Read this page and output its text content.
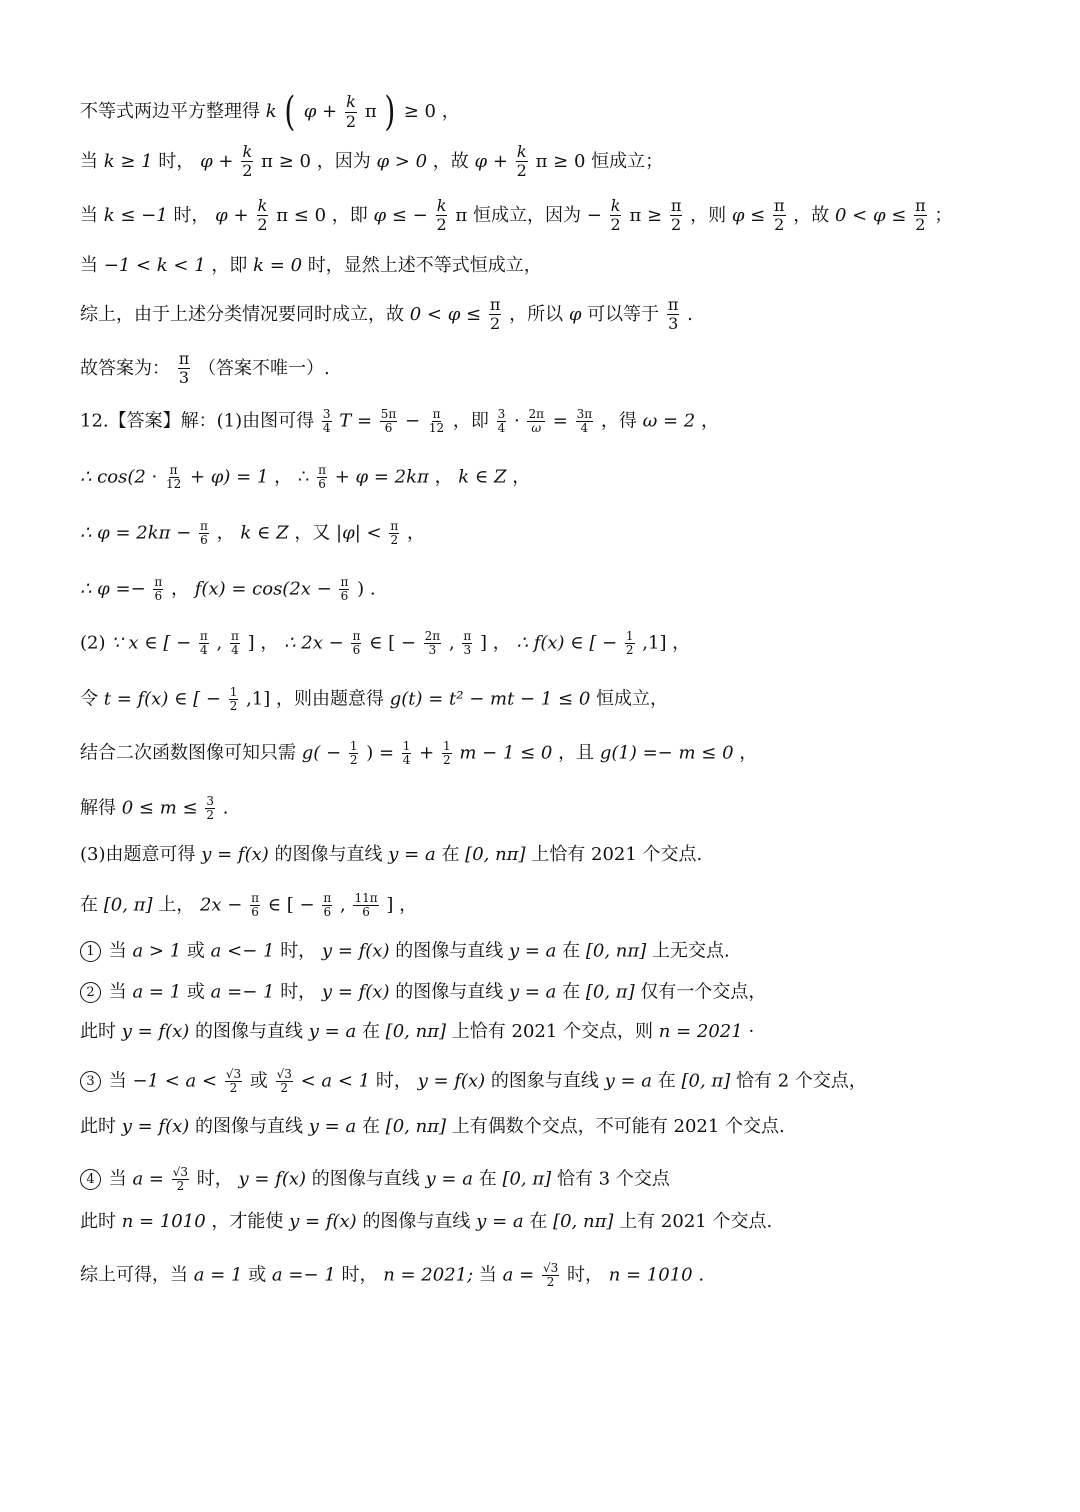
不等式两边平方整理得 k ( $\varphi + \frac{k}{2}$ π ) ≥ 0 ，
当 k ≥ 1 时， $\varphi + \frac{k}{2}$ π ≥ 0 ，因为 φ > 0 ，故 $\varphi + \frac{k}{2}$ π ≥ 0 恒成立；
当 k ≤ −1 时， $\varphi + \frac{k}{2}$ π ≤ 0 ，即 φ ≤ − $\frac{k}{2}$ π 恒成立，因为 − $\frac{k}{2}$ $\pi \ge \frac{\pi}{2}$ ，则 $\varphi \le \frac{\pi}{2}$ ，故 $0 < \varphi \le \frac{\pi}{2}$ ；
当 −1 < k < 1 ，即 k = 0 时，显然上述不等式恒成立，
综上，由于上述分类情况要同时成立，故 $0 < \varphi \le \frac{\pi}{2}$ ，所以 φ 可以等于 $\frac{\pi}{3}$ .
故答案为： $\frac{\pi}{3}$ （答案不唯一）.
12.【答案】解：(1)由图可得 $\frac{3}{4}$ $T = \frac{5\pi}{6} - \frac{\pi}{12}$ ，即 $\frac{3}{4} \cdot \frac{2\pi}{\omega} = \frac{3\pi}{4}$ ，得 ω = 2 ，
∴ $\cos(2 \cdot \frac{\pi}{12} + \varphi) = 1$ ， ∴ $\frac{\pi}{6} + \varphi = 2k\pi$ ， k ∈ Z ，
∴ $\varphi = 2k\pi - \frac{\pi}{6}$ ， k ∈ Z ，又 $|\varphi| < \frac{\pi}{2}$ ，
∴ $\varphi =- \frac{\pi}{6}$ ， $f(x) = \cos(2x - \frac{\pi}{6}$ ) .
(2) ∵ x ∈ [ − $\frac{\pi}{4}$ , $\frac{\pi}{4}$ ] ， ∴ $2x - \frac{\pi}{6}$ ∈ [ − $\frac{2\pi}{3}$ , $\frac{\pi}{3}$ ] ， ∴ f(x) ∈ [ − $\frac{1}{2} ,1$] ，
令 t = f(x) ∈ [ − $\frac{1}{2} ,1$] ，则由题意得 g(t) = t² − mt − 1 ≤ 0 恒成立，
结合二次函数图像可知只需 $g( - \frac{1}{2}$ ) = $\frac{1}{4} + \frac{1}{2}$ m − 1 ≤ 0 ，且 g(1) =− m ≤ 0 ，
解得 $0 \le m \le \frac{3}{2}$ .
(3)由题意可得 y = f(x) 的图像与直线 y = a 在 [0, nπ] 上恰有 2021 个交点.
在 [0, π] 上， $2x - \frac{\pi}{6}$ ∈ [ − $\frac{\pi}{6}$ , $\frac{11\pi}{6}$ ] ，
1 当 a > 1 或 a <− 1 时， y = f(x) 的图像与直线 y = a 在 [0, nπ] 上无交点.
2 当 a = 1 或 a =− 1 时， y = f(x) 的图像与直线 y = a 在 [0, π] 仅有一个交点，
此时 y = f(x) 的图像与直线 y = a 在 [0, nπ] 上恰有 2021 个交点，则 n = 2021 ·
3 当 $-1 < a < \frac{√3}{2}$ 或 $\frac{√3}{2} < a < 1$ 时， y = f(x) 的图象与直线 y = a 在 [0, π] 恰有 2 个交点，
此时 y = f(x) 的图像与直线 y = a 在 [0, nπ] 上有偶数个交点，不可能有 2021 个交点.
4 当 $a = \frac{√3}{2}$ 时， y = f(x) 的图像与直线 y = a 在 [0, π] 恰有 3 个交点
此时 n = 1010 ，才能使 y = f(x) 的图像与直线 y = a 在 [0, nπ] 上有 2021 个交点.
综上可得，当 a = 1 或 a =− 1 时， n = 2021; 当 $a = \frac{√3}{2}$ 时， n = 1010 .
